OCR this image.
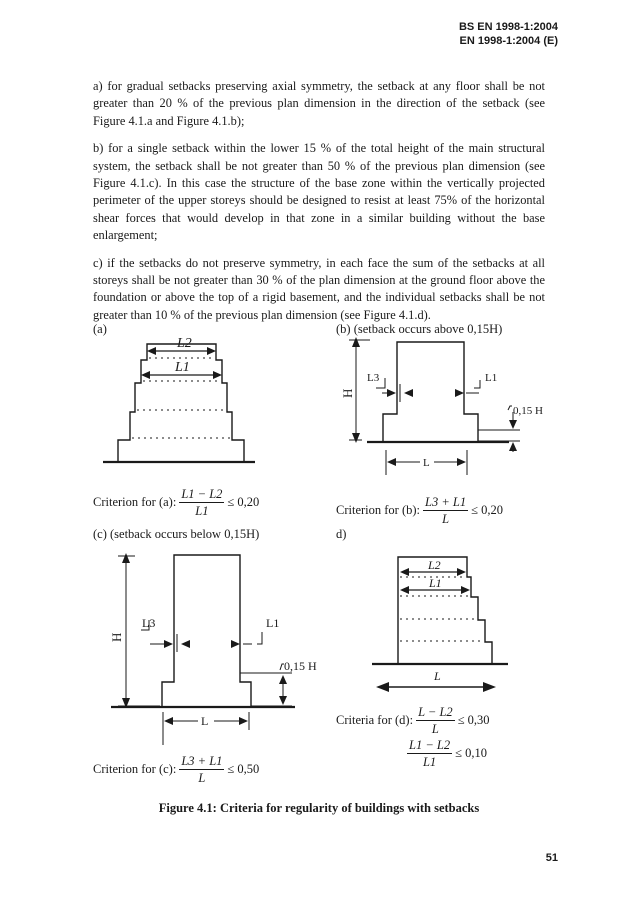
BS EN 1998-1:2004
EN 1998-1:2004 (E)

a) for gradual setbacks preserving axial symmetry, the setback at any floor shall be not greater than 20 % of the previous plan dimension in the direction of the setback (see Figure 4.1.a and Figure 4.1.b);

b) for a single setback within the lower 15 % of the total height of the main structural system, the setback shall be not greater than 50 % of the previous plan dimension (see Figure 4.1.c). In this case the structure of the base zone within the vertically projected perimeter of the upper storeys should be designed to resist at least 75% of the horizontal shear forces that would develop in that zone in a similar building without the base enlargement;

c) if the setbacks do not preserve symmetry, in each face the sum of the setbacks at all storeys shall be not greater than 30 % of the plan dimension at the ground floor above the foundation or above the top of a rigid basement, and the individual setbacks shall be not greater than 10 % of the previous plan dimension (see Figure 4.1.d).

(a)	(b) (setback occurs above 0,15H)
(c) (setback occurs below 0,15H)	d)
L2
L1
Criterion for (a): $\frac{L1 - L2}{L1} \le 0,20$
H
L3	L1
0,15 H
L
Criterion for (b): $\frac{L3 + L1}{L} \le 0,20$
H
L3	L1
0,15 H
L
Criterion for (c): $\frac{L3 + L1}{L} \le 0,50$
L2
L1
L
Criteria for (d): $\frac{L - L2}{L} \le 0,30$
$\frac{L1 - L2}{L1} \le 0,10$
Figure 4.1: Criteria for regularity of buildings with setbacks
51
